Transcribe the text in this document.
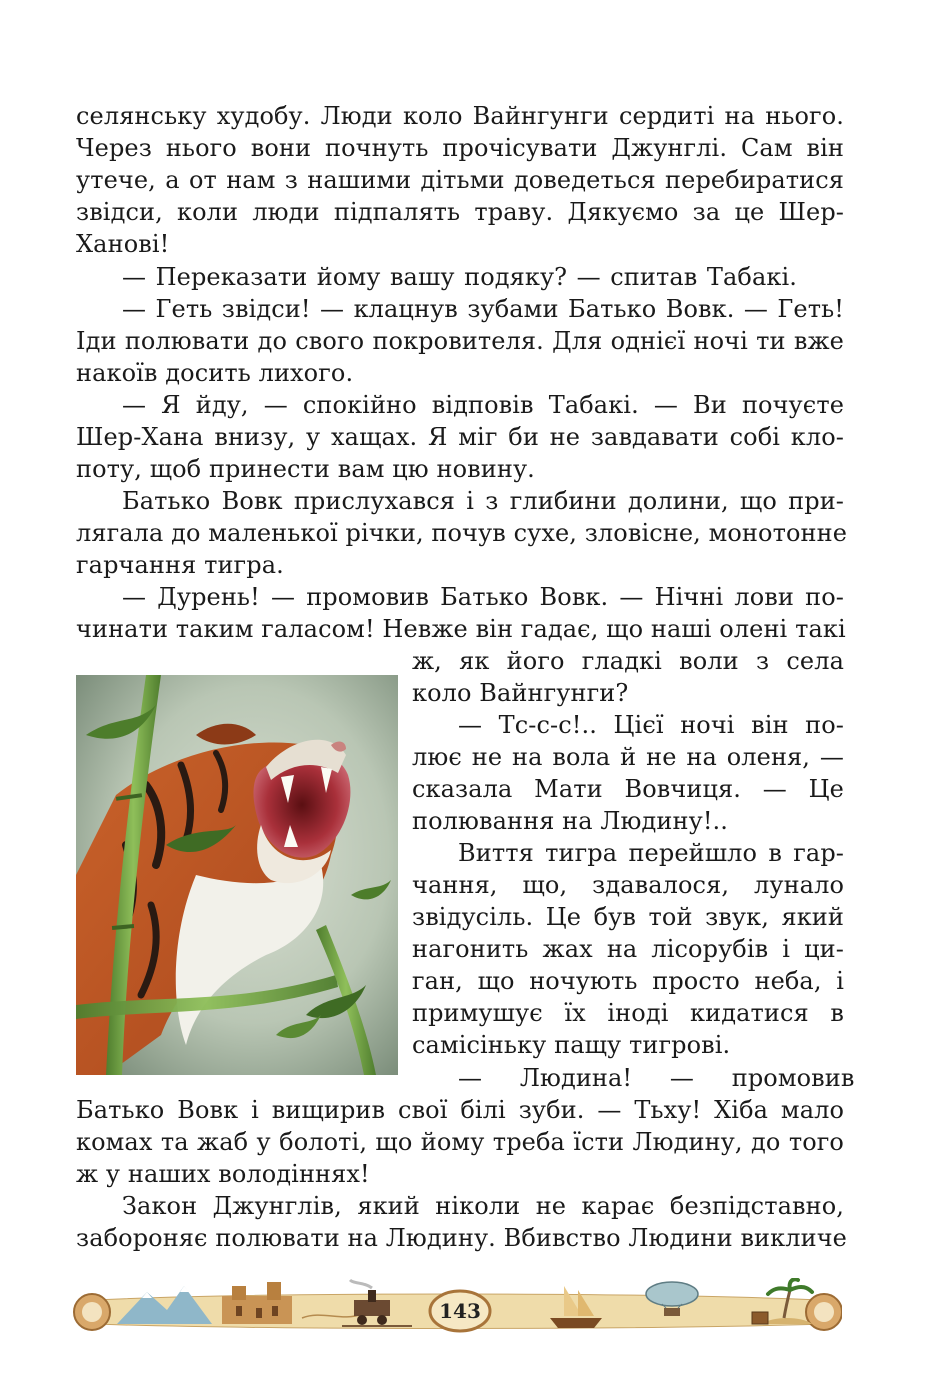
селянську худобу. Люди коло Вайнгунги сердиті на нього.
Через нього вони почнуть прочісувати Джунглі. Сам він
утече, а от нам з нашими дітьми доведеться перебиратися
звідси, коли люди підпалять траву. Дякуємо за це Шер-
Ханові!
— Переказати йому вашу подяку? — спитав Табакі.
— Геть звідси! — клацнув зубами Батько Вовк. — Геть!
Іди полювати до свого покровителя. Для однієї ночі ти вже
накоїв досить лихого.
— Я йду, — спокійно відповів Табакі. — Ви почуєте
Шер-Хана внизу, у хащах. Я міг би не завдавати собі кло-
поту, щоб принести вам цю новину.
Батько Вовк прислухався і з глибини долини, що при-
лягала до маленької річки, почув сухе, зловісне, монотонне
гарчання тигра.
— Дурень! — промовив Батько Вовк. — Нічні лови по-
чинати таким галасом! Невже він гадає, що наші олені такі
ж, як його гладкі воли з села
коло Вайнгунги?
— Тс-с-с!.. Цієї ночі він по-
лює не на вола й не на оленя, —
сказала Мати Вовчиця. — Це
полювання на Людину!..
Виття тигра перейшло в гар-
чання, що, здавалося, лунало
звідусіль. Це був той звук, який
нагонить жах на лісорубів і ци-
ган, що ночують просто неба, і
примушує їх іноді кидатися в
самісіньку пащу тигрові.
— Людина! — промовив
Батько Вовк і вищирив свої білі зуби. — Тьху! Хіба мало
комах та жаб у болоті, що йому треба їсти Людину, до того
ж у наших володіннях!
Закон Джунглів, який ніколи не карає безпідставно,
забороняє полювати на Людину. Вбивство Людини викличе
143
